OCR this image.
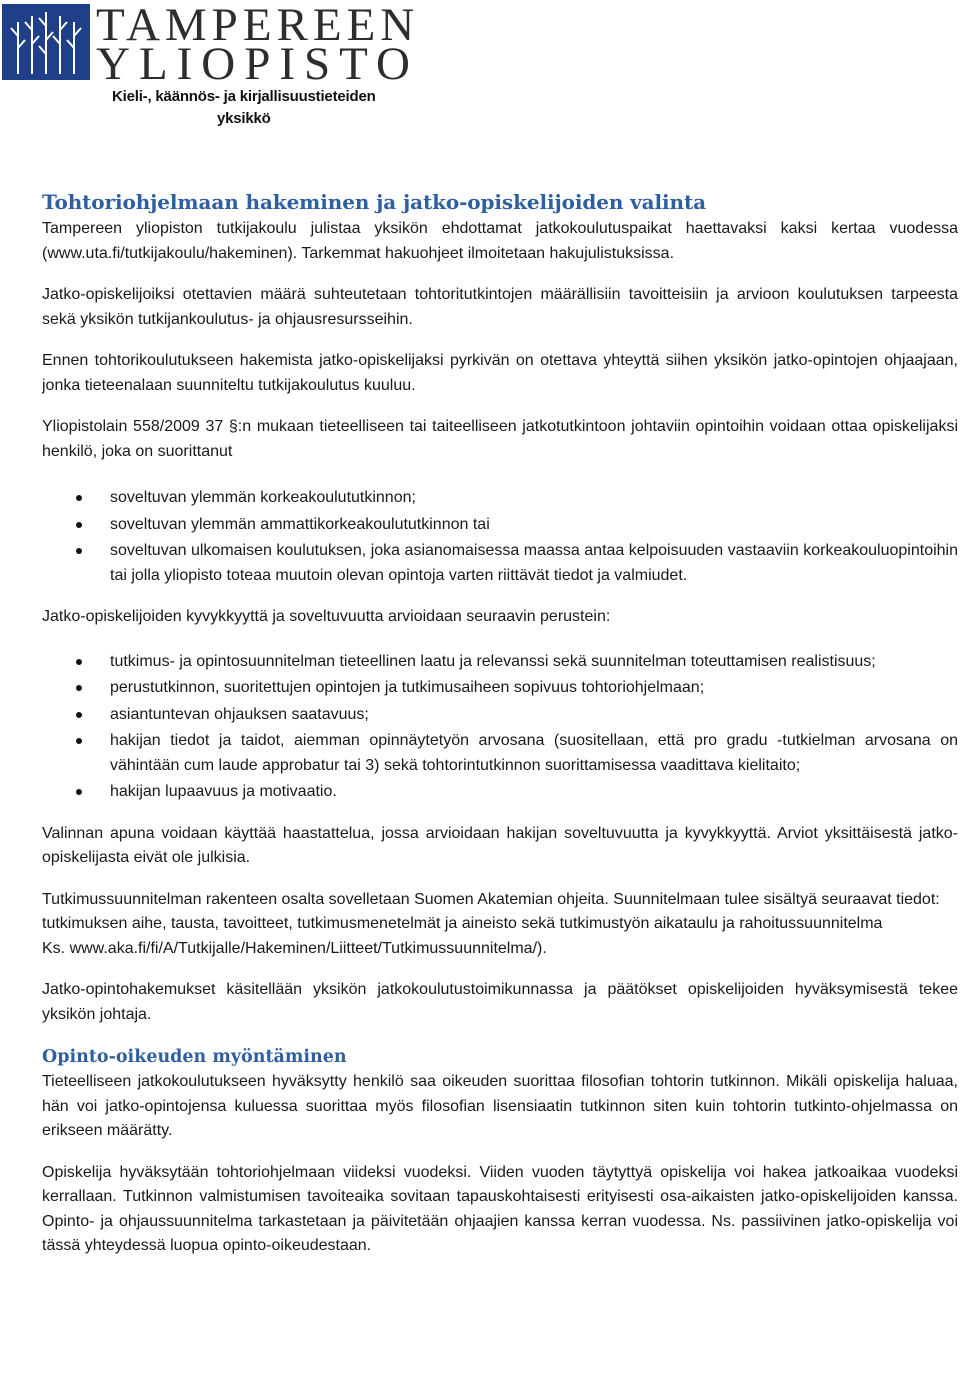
TAMPEREEN
YLIOPISTO
Kieli-, käännös- ja kirjallisuustieteiden
yksikkö
Tohtoriohjelmaan hakeminen ja jatko-opiskelijoiden valinta

Tampereen yliopiston tutkijakoulu julistaa yksikön ehdottamat jatkokoulutuspaikat haettavaksi kaksi kertaa vuodessa (www.uta.fi/tutkijakoulu/hakeminen). Tarkemmat hakuohjeet ilmoitetaan hakujulistuksissa.

Jatko-opiskelijoiksi otettavien määrä suhteutetaan tohtoritutkintojen määrällisiin tavoitteisiin ja arvioon koulutuksen tarpeesta sekä yksikön tutkijankoulutus- ja ohjausresursseihin.

Ennen tohtorikoulutukseen hakemista jatko-opiskelijaksi pyrkivän on otettava yhteyttä siihen yksikön jatko-opintojen ohjaajaan, jonka tieteenalaan suunniteltu tutkijakoulutus kuuluu.

Yliopistolain 558/2009 37 §:n mukaan tieteelliseen tai taiteelliseen jatkotutkintoon johtaviin opintoihin voidaan ottaa opiskelijaksi henkilö, joka on suorittanut

soveltuvan ylemmän korkeakoulututkinnon;
soveltuvan ylemmän ammattikorkeakoulututkinnon tai
soveltuvan ulkomaisen koulutuksen, joka asianomaisessa maassa antaa kelpoisuuden vastaaviin korkeakouluopintoihin tai jolla yliopisto toteaa muutoin olevan opintoja varten riittävät tiedot ja valmiudet.

Jatko-opiskelijoiden kyvykkyyttä ja soveltuvuutta arvioidaan seuraavin perustein:

tutkimus- ja opintosuunnitelman tieteellinen laatu ja relevanssi sekä suunnitelman toteuttamisen realistisuus;
perustutkinnon, suoritettujen opintojen ja tutkimusaiheen sopivuus tohtoriohjelmaan;
asiantuntevan ohjauksen saatavuus;
hakijan tiedot ja taidot, aiemman opinnäytetyön arvosana (suositellaan, että pro gradu -tutkielman arvosana on vähintään cum laude approbatur tai 3) sekä tohtorintutkinnon suorittamisessa vaadittava kielitaito;
hakijan lupaavuus ja motivaatio.

Valinnan apuna voidaan käyttää haastattelua, jossa arvioidaan hakijan soveltuvuutta ja kyvykkyyttä. Arviot yksittäisestä jatko-opiskelijasta eivät ole julkisia.

Tutkimussuunnitelman rakenteen osalta sovelletaan Suomen Akatemian ohjeita. Suunnitelmaan tulee sisältyä seuraavat tiedot: tutkimuksen aihe, tausta, tavoitteet, tutkimusmenetelmät ja aineisto sekä tutkimustyön aikataulu ja rahoitussuunnitelma

Ks. www.aka.fi/fi/A/Tutkijalle/Hakeminen/Liitteet/Tutkimussuunnitelma/).

Jatko-opintohakemukset käsitellään yksikön jatkokoulutustoimikunnassa ja päätökset opiskelijoiden hyväksymisestä tekee yksikön johtaja.

Opinto-oikeuden myöntäminen

Tieteelliseen jatkokoulutukseen hyväksytty henkilö saa oikeuden suorittaa filosofian tohtorin tutkinnon. Mikäli opiskelija haluaa, hän voi jatko-opintojensa kuluessa suorittaa myös filosofian lisensiaatin tutkinnon siten kuin tohtorin tutkinto-ohjelmassa on erikseen määrätty.

Opiskelija hyväksytään tohtoriohjelmaan viideksi vuodeksi. Viiden vuoden täytyttyä opiskelija voi hakea jatkoaikaa vuodeksi kerrallaan. Tutkinnon valmistumisen tavoiteaika sovitaan tapauskohtaisesti erityisesti osa-aikaisten jatko-opiskelijoiden kanssa. Opinto- ja ohjaussuunnitelma tarkastetaan ja päivitetään ohjaajien kanssa kerran vuodessa. Ns. passiivinen jatko-opiskelija voi tässä yhteydessä luopua opinto-oikeudestaan.
